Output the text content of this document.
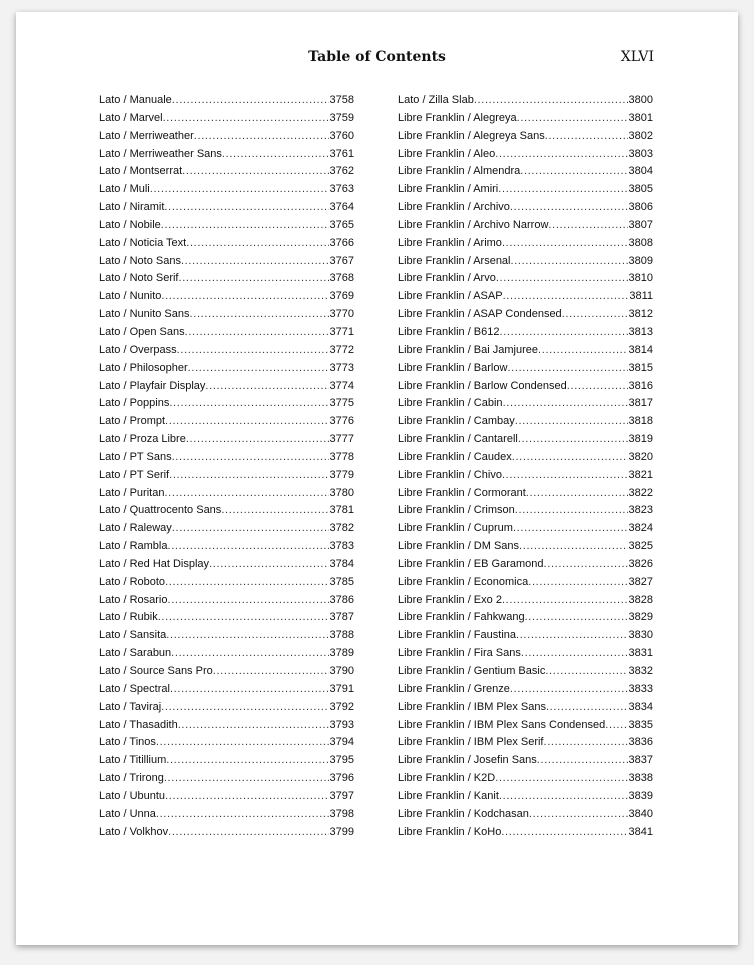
Table of Contents	XLVI
Lato / Manuale . . .	3758
Lato / Marvel . . .	3759
Lato / Merriweather . . .	3760
Lato / Merriweather Sans . . .	3761
Lato / Montserrat . . .	3762
Lato / Muli . . .	3763
Lato / Niramit . . .	3764
Lato / Nobile . . .	3765
Lato / Noticia Text . . .	3766
Lato / Noto Sans . . .	3767
Lato / Noto Serif . . .	3768
Lato / Nunito . . .	3769
Lato / Nunito Sans . . .	3770
Lato / Open Sans . . .	3771
Lato / Overpass . . .	3772
Lato / Philosopher . . .	3773
Lato / Playfair Display . . .	3774
Lato / Poppins . . .	3775
Lato / Prompt . . .	3776
Lato / Proza Libre . . .	3777
Lato / PT Sans . . .	3778
Lato / PT Serif . . .	3779
Lato / Puritan . . .	3780
Lato / Quattrocento Sans . . .	3781
Lato / Raleway . . .	3782
Lato / Rambla . . .	3783
Lato / Red Hat Display . . .	3784
Lato / Roboto . . .	3785
Lato / Rosario . . .	3786
Lato / Rubik . . .	3787
Lato / Sansita . . .	3788
Lato / Sarabun . . .	3789
Lato / Source Sans Pro . . .	3790
Lato / Spectral . . .	3791
Lato / Taviraj . . .	3792
Lato / Thasadith . . .	3793
Lato / Tinos . . .	3794
Lato / Titillium . . .	3795
Lato / Trirong . . .	3796
Lato / Ubuntu . . .	3797
Lato / Unna . . .	3798
Lato / Volkhov . . .	3799
Lato / Zilla Slab . . .	3800
Libre Franklin / Alegreya . . .	3801
Libre Franklin / Alegreya Sans . . .	3802
Libre Franklin / Aleo . . .	3803
Libre Franklin / Almendra . . .	3804
Libre Franklin / Amiri . . .	3805
Libre Franklin / Archivo . . .	3806
Libre Franklin / Archivo Narrow . . .	3807
Libre Franklin / Arimo . . .	3808
Libre Franklin / Arsenal . . .	3809
Libre Franklin / Arvo . . .	3810
Libre Franklin / ASAP . . .	3811
Libre Franklin / ASAP Condensed . . .	3812
Libre Franklin / B612 . . .	3813
Libre Franklin / Bai Jamjuree . . .	3814
Libre Franklin / Barlow . . .	3815
Libre Franklin / Barlow Condensed . . .	3816
Libre Franklin / Cabin . . .	3817
Libre Franklin / Cambay . . .	3818
Libre Franklin / Cantarell . . .	3819
Libre Franklin / Caudex . . .	3820
Libre Franklin / Chivo . . .	3821
Libre Franklin / Cormorant . . .	3822
Libre Franklin / Crimson . . .	3823
Libre Franklin / Cuprum . . .	3824
Libre Franklin / DM Sans . . .	3825
Libre Franklin / EB Garamond . . .	3826
Libre Franklin / Economica . . .	3827
Libre Franklin / Exo 2 . . .	3828
Libre Franklin / Fahkwang . . .	3829
Libre Franklin / Faustina . . .	3830
Libre Franklin / Fira Sans . . .	3831
Libre Franklin / Gentium Basic . . .	3832
Libre Franklin / Grenze . . .	3833
Libre Franklin / IBM Plex Sans . . .	3834
Libre Franklin / IBM Plex Sans Condensed . . . 3835
Libre Franklin / IBM Plex Serif . . .	3836
Libre Franklin / Josefin Sans . . .	3837
Libre Franklin / K2D . . .	3838
Libre Franklin / Kanit . . .	3839
Libre Franklin / Kodchasan . . .	3840
Libre Franklin / KoHo . . .	3841
